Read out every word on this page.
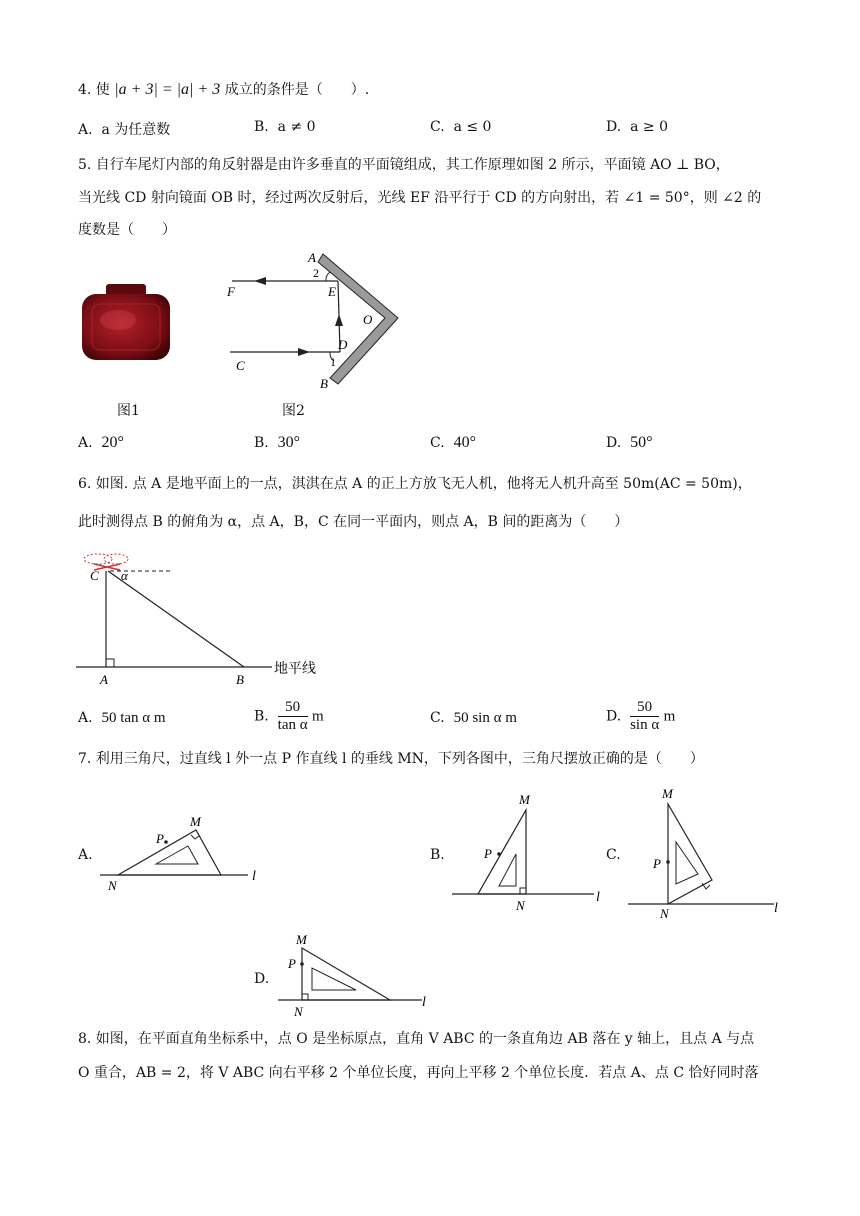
4. 使 |a + 3| = |a| + 3 成立的条件是（　　）.
A. a 为任意数	B. a ≠ 0	C. a ≤ 0	D. a ≥ 0
5. 自行车尾灯内部的角反射器是由许多垂直的平面镜组成，其工作原理如图 2 所示，平面镜 AO ⊥ BO，
当光线 CD 射向镜面 OB 时，经过两次反射后，光线 EF 沿平行于 CD 的方向射出，若 ∠1 = 50°，则 ∠2 的
度数是（　　）
图1
A
2
E
F
O
D
1
C
B
图2
A. 20°	B. 30°	C. 40°	D. 50°
6. 如图. 点 A 是地平面上的一点，淇淇在点 A 的正上方放飞无人机，他将无人机升高至 50m(AC = 50m)，
此时测得点 B 的俯角为 α，点 A，B，C 在同一平面内，则点 A，B 间的距离为（　　）
C α
A	B
地平线
A. 50 tan α m	B. $\frac{50}{\text{tan α}}$ m	C. 50 sin α m	D. $\frac{50}{\text{sin α}}$ m
7. 利用三角尺，过直线 l 外一点 P 作直线 l 的垂线 MN，下列各图中，三角尺摆放正确的是（　　）
A.
P
M
N
l
B.	P
M
N
l
C.
P
M
N	l
D.
P
M
N
l
8. 如图，在平面直角坐标系中，点 O 是坐标原点，直角 V ABC 的一条直角边 AB 落在 y 轴上，且点 A 与点
O 重合，AB = 2，将 V ABC 向右平移 2 个单位长度，再向上平移 2 个单位长度．若点 A、点 C 恰好同时落
